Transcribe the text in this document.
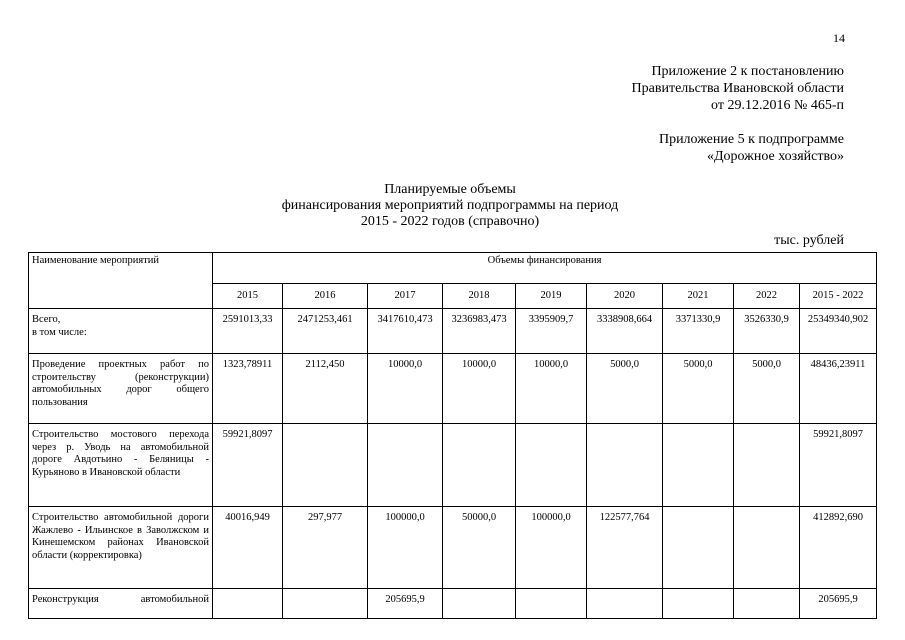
14
Приложение 2 к постановлению
Правительства Ивановской области
от 29.12.2016 № 465-п
Приложение 5 к подпрограмме
«Дорожное хозяйство»
Планируемые объемы
финансирования мероприятий подпрограммы на период
2015 - 2022 годов (справочно)
тыс. рублей
Наименование мероприятий	Объемы финансирования								
	2015	2016	2017	2018	2019	2020	2021	2022	2015 - 2022
Всего,
в том числе:	2591013,33	2471253,461	3417610,473	3236983,473	3395909,7	3338908,664	3371330,9	3526330,9	25349340,902
Проведение проектных работ по строительству (реконструкции) автомобильных дорог общего пользования	1323,78911	2112,450	10000,0	10000,0	10000,0	5000,0	5000,0	5000,0	48436,23911
Строительство мостового перехода через р. Уводь на автомобильной дороге Авдотьино - Беляницы - Курьяново в Ивановской области	59921,8097								59921,8097
Строительство автомобильной дороги Жажлево - Ильинское в Заволжском и Кинешемском районах Ивановской области (корректировка)	40016,949	297,977	100000,0	50000,0	100000,0	122577,764			412892,690
Реконструкция автомобильной			205695,9						205695,9
